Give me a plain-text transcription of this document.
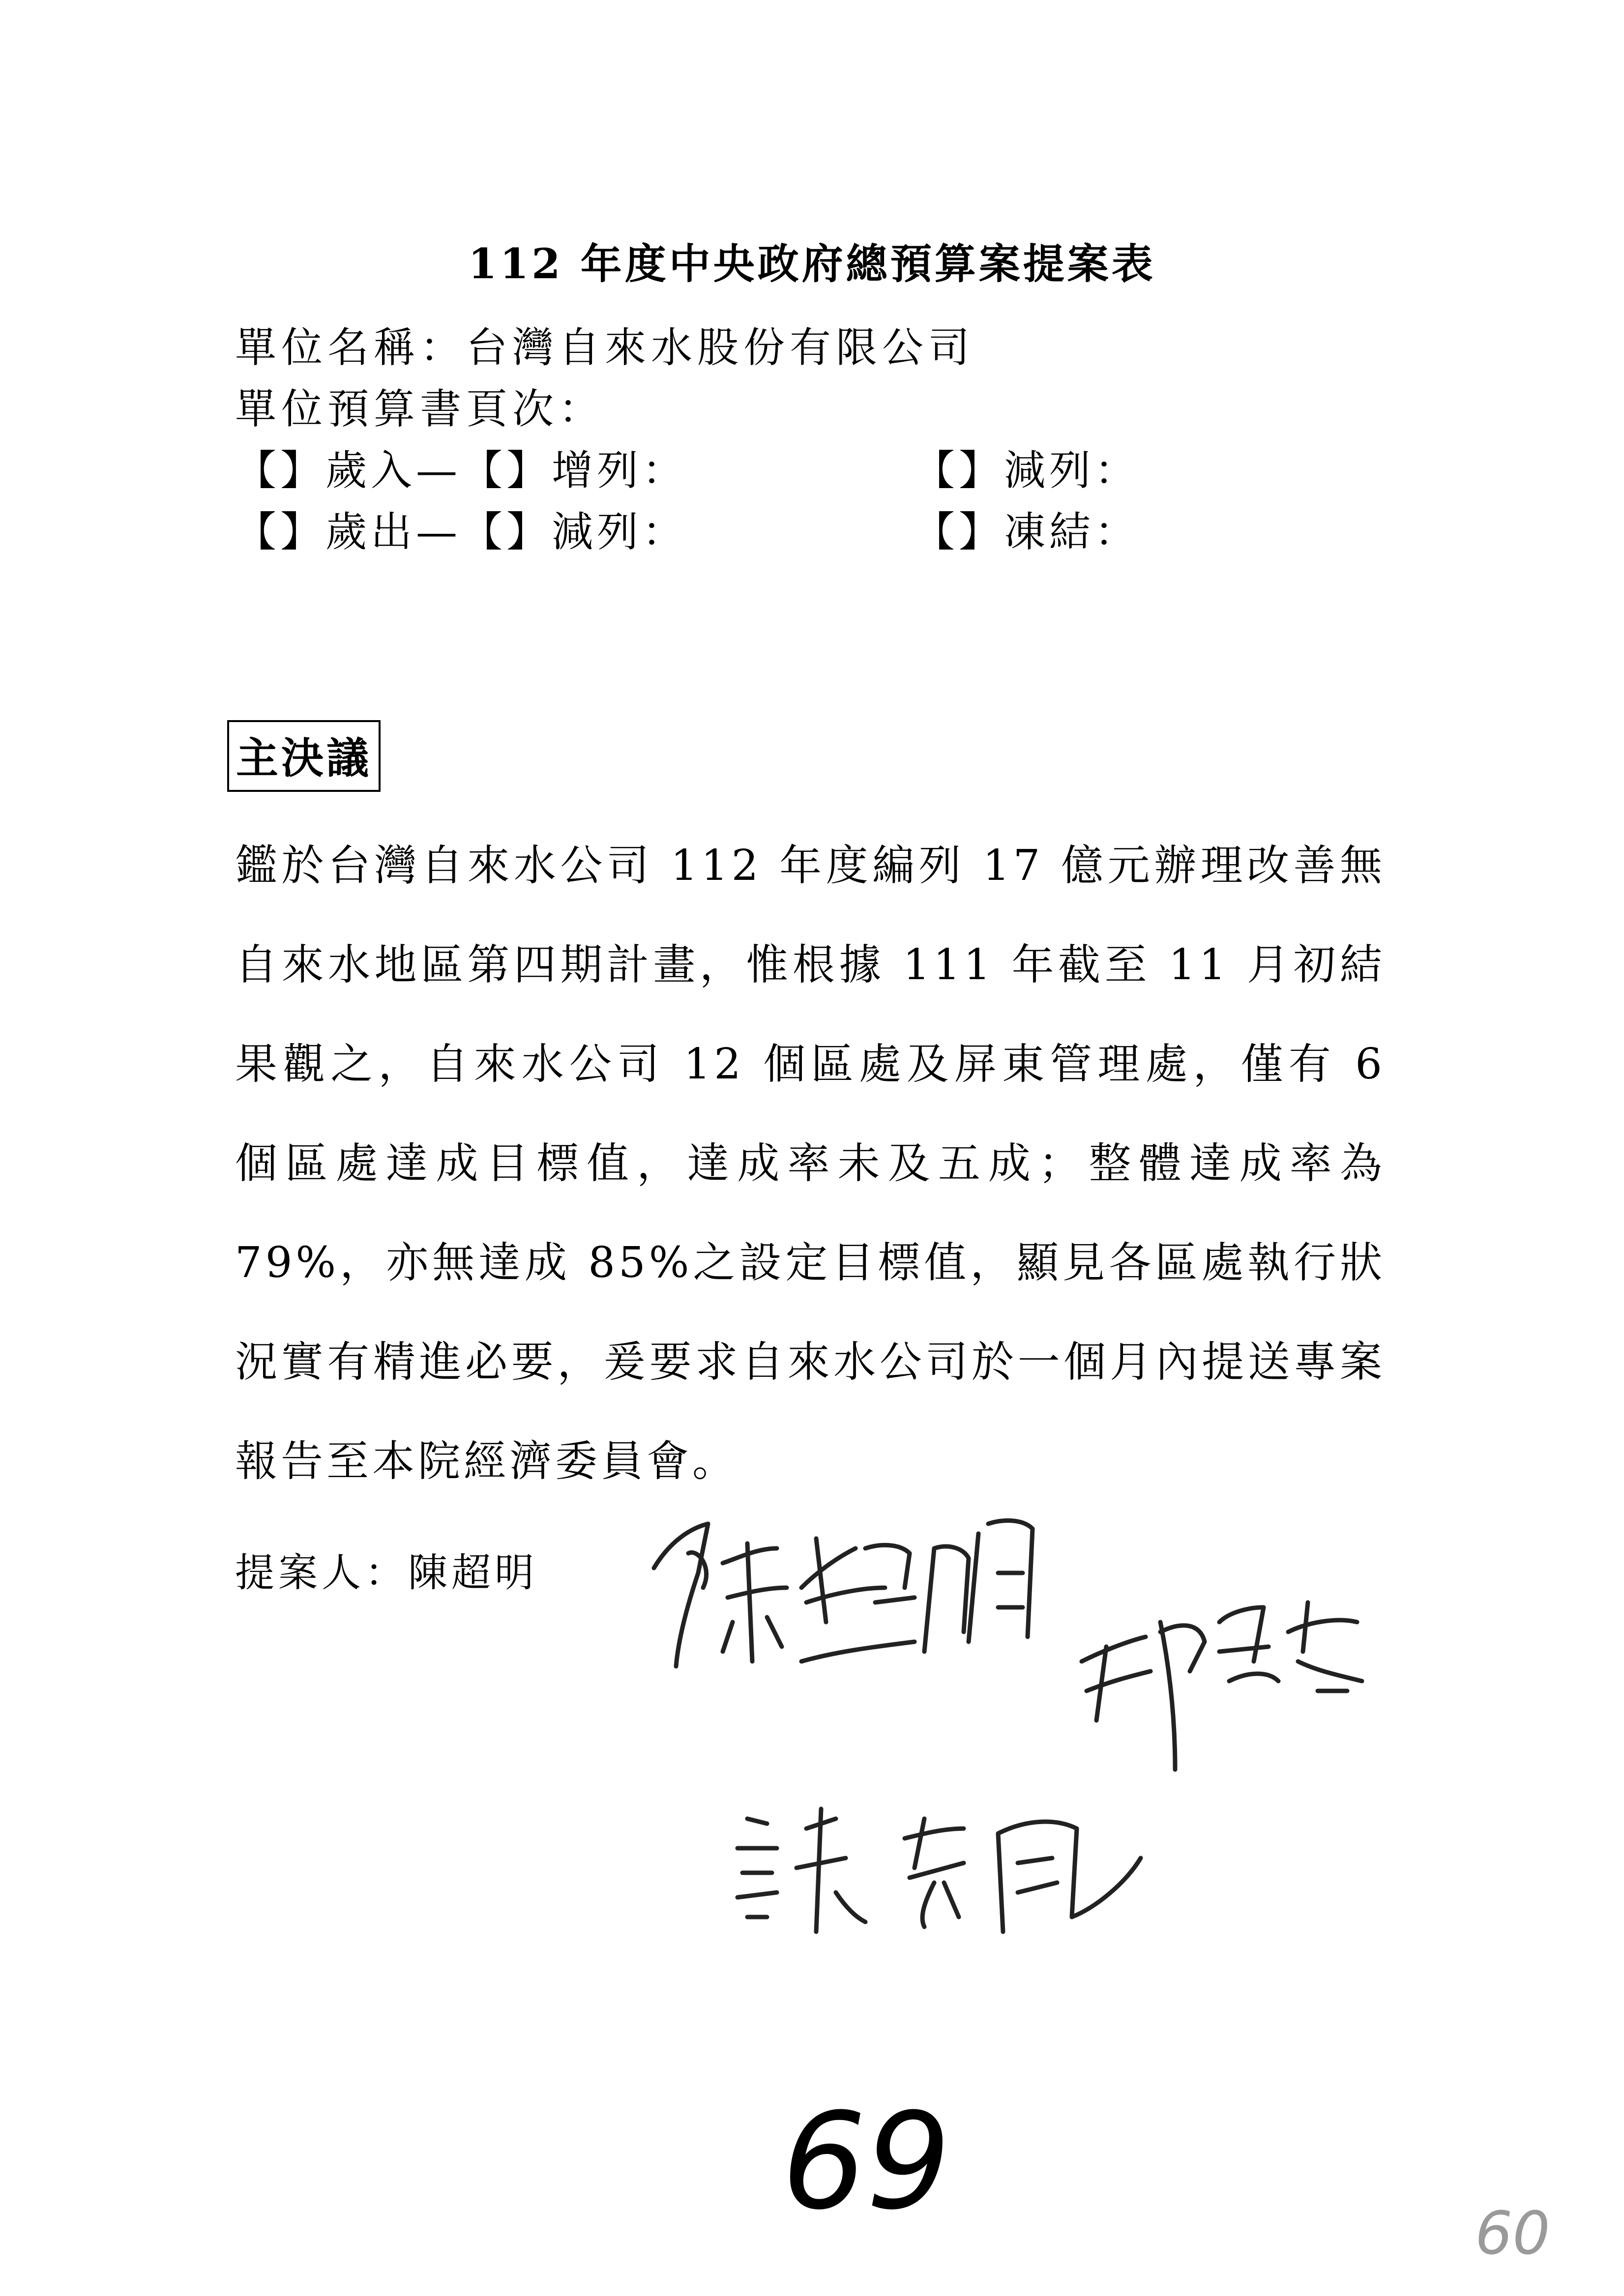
112 年度中央政府總預算案提案表
單位名稱：台灣自來水股份有限公司
單位預算書頁次：
【】歲入—【】增列：	【】減列：
【】歲出—【】減列：	【】凍結：
主決議

鑑於台灣自來水公司 112 年度編列 17 億元辦理改善無自來水地區第四期計畫，惟根據 111 年截至 11 月初結果觀之，自來水公司 12 個區處及屏東管理處，僅有 6 個區處達成目標值，達成率未及五成；整體達成率為 79%，亦無達成 85%之設定目標值，顯見各區處執行狀況實有精進必要，爰要求自來水公司於一個月內提送專案報告至本院經濟委員會。

提案人：陳超明
69	60
